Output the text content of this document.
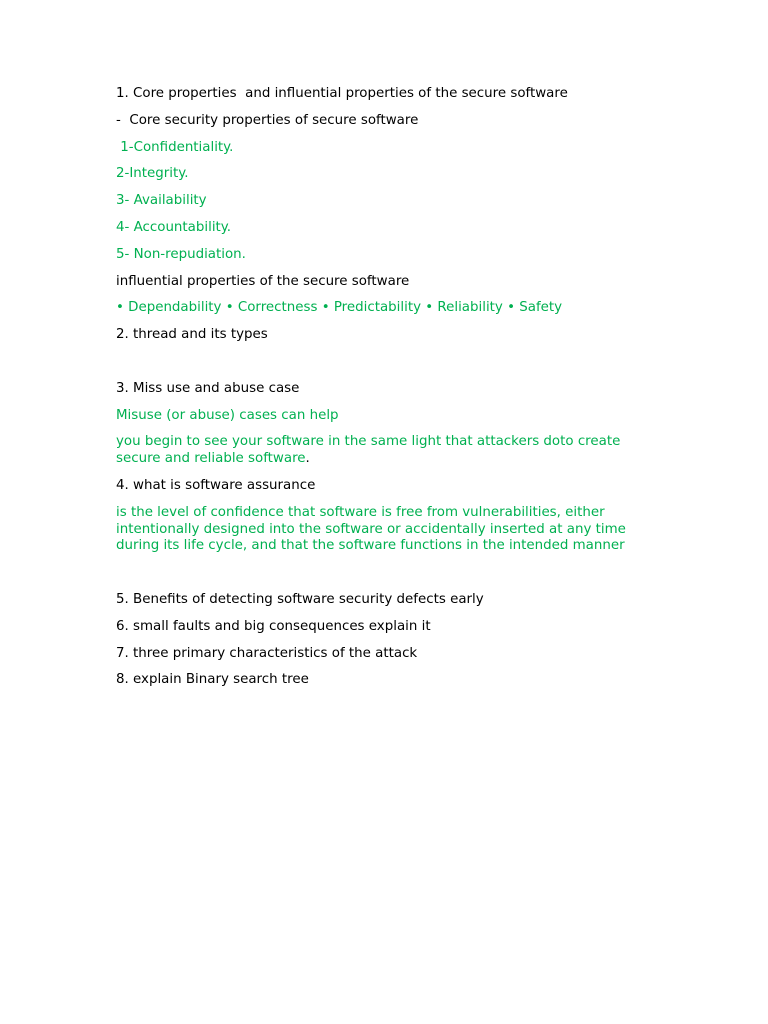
1. Core properties  and influential properties of the secure software

-  Core security properties of secure software

1-Confidentiality.

2-Integrity.

3- Availability

4- Accountability.

5- Non-repudiation.

influential properties of the secure software

• Dependability • Correctness • Predictability • Reliability • Safety

2. thread and its types

3. Miss use and abuse case

Misuse (or abuse) cases can help

you begin to see your software in the same light that attackers doto create secure and reliable software.

4. what is software assurance

is the level of confidence that software is free from vulnerabilities, either intentionally designed into the software or accidentally inserted at any time during its life cycle, and that the software functions in the intended manner

5. Benefits of detecting software security defects early

6. small faults and big consequences explain it

7. three primary characteristics of the attack

8. explain Binary search tree
